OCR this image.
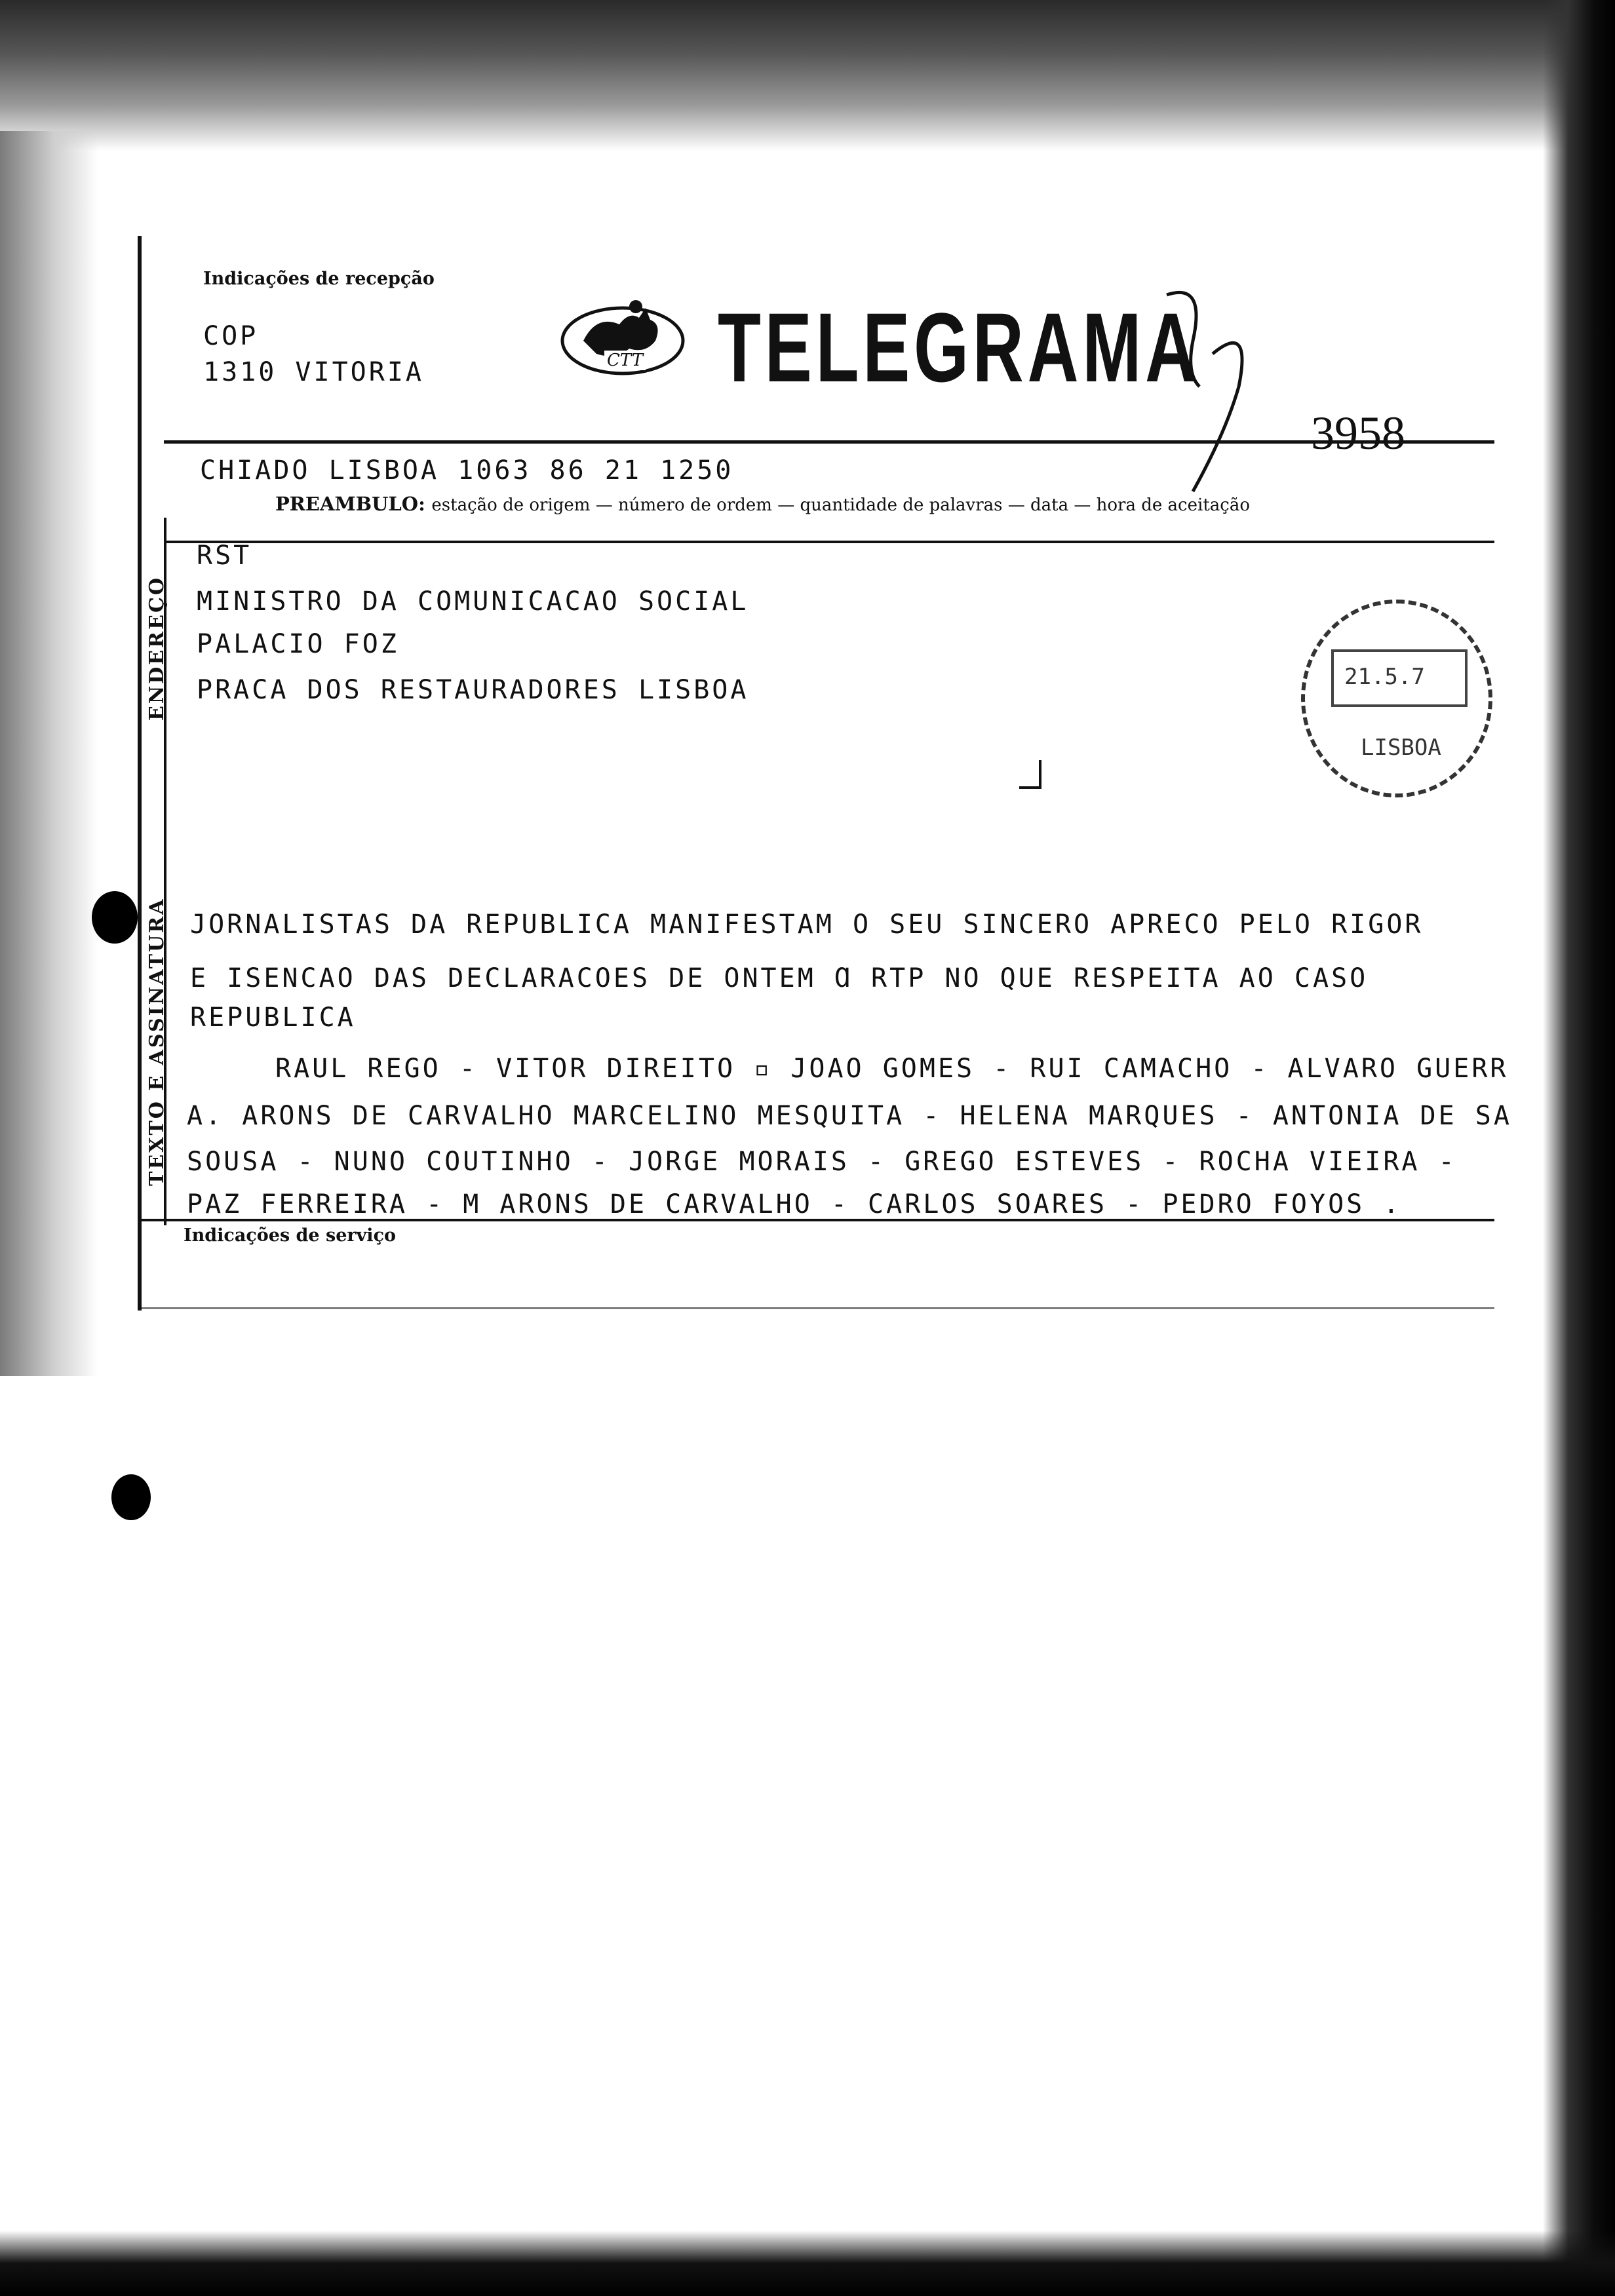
Indicações de recepção
COP
1310 VITORIA	CTT TELEGRAMA
3958
CHIADO LISBOA 1063 86 21 1250
PREAMBULO: estação de origem — número de ordem — quantidade de palavras — data — hora de aceitação
ENDEREÇO
TEXTO E ASSINATURA
RST
MINISTRO DA COMUNICACAO SOCIAL
PALACIO FOZ
PRACA DOS RESTAURADORES LISBOA	21.5.7
LISBOA
JORNALISTAS DA REPUBLICA MANIFESTAM O SEU SINCERO APRECO PELO RIGOR
E ISENCAO DAS DECLARACOES DE ONTEM Ɑ RTP NO QUE RESPEITA AO CASO
REPUBLICA
RAUL REGO - VITOR DIREITO ▫ JOAO GOMES - RUI CAMACHO - ALVARO GUERR
A. ARONS DE CARVALHO MARCELINO MESQUITA - HELENA MARQUES - ANTONIA DE SA
SOUSA - NUNO COUTINHO - JORGE MORAIS - GREGO ESTEVES - ROCHA VIEIRA -
PAZ FERREIRA - M ARONS DE CARVALHO - CARLOS SOARES - PEDRO FOYOS .
Indicações de serviço
